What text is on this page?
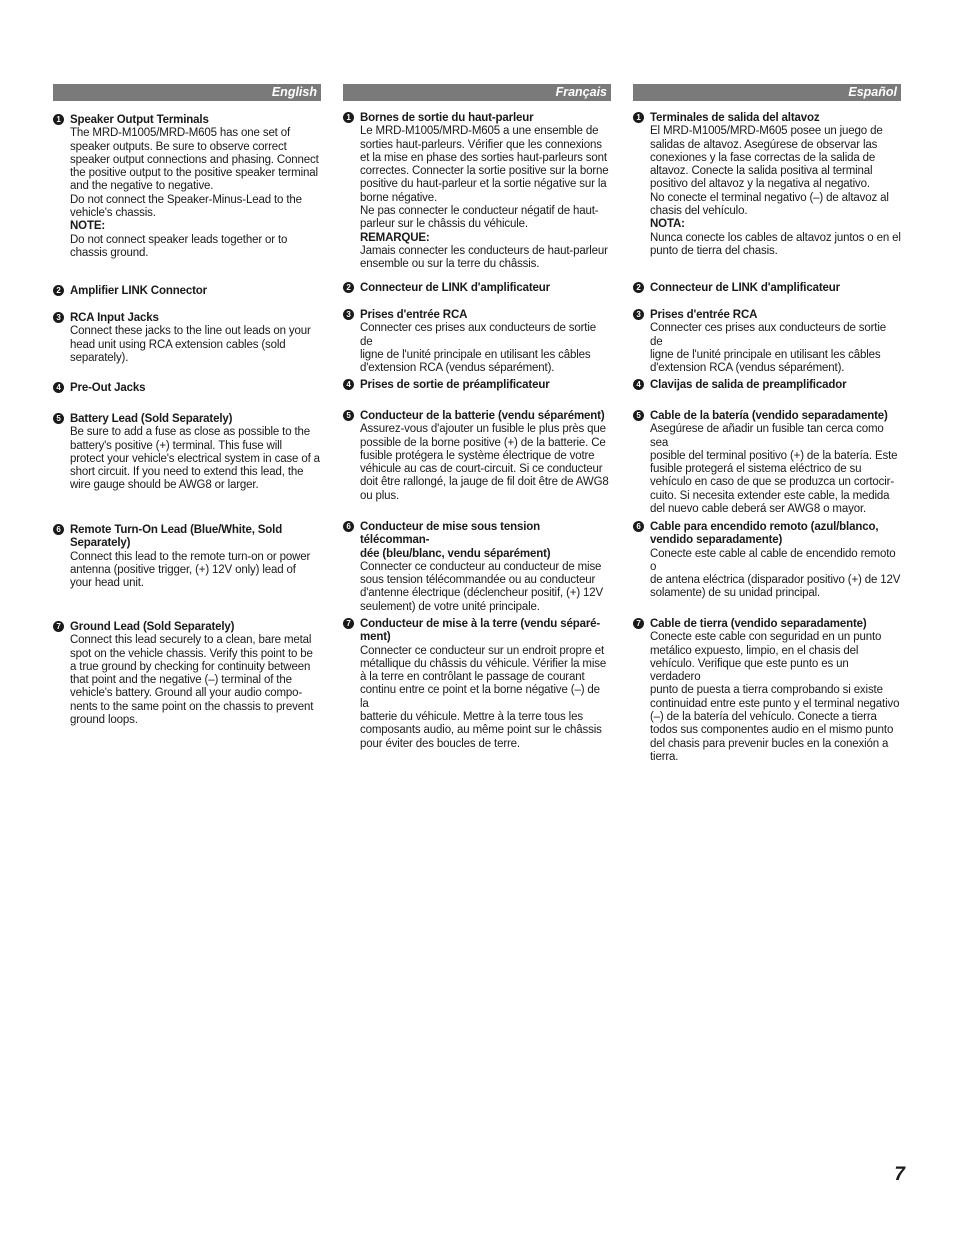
English
1 Speaker Output Terminals
The MRD-M1005/MRD-M605 has one set of
speaker outputs. Be sure to observe correct
speaker output connections and phasing. Connect
the positive output to the positive speaker terminal
and the negative to negative.
Do not connect the Speaker-Minus-Lead to the
vehicle's chassis.
NOTE:
Do not connect speaker leads together or to
chassis ground.
2 Amplifier LINK Connector
3 RCA Input Jacks
Connect these jacks to the line out leads on your
head unit using RCA extension cables (sold
separately).
4 Pre-Out Jacks
5 Battery Lead (Sold Separately)
Be sure to add a fuse as close as possible to the
battery's positive (+) terminal. This fuse will
protect your vehicle's electrical system in case of a
short circuit. If you need to extend this lead, the
wire gauge should be AWG8 or larger.
6 Remote Turn-On Lead (Blue/White, Sold
Separately)
Connect this lead to the remote turn-on or power
antenna (positive trigger, (+) 12V only) lead of
your head unit.
7 Ground Lead (Sold Separately)
Connect this lead securely to a clean, bare metal
spot on the vehicle chassis. Verify this point to be
a true ground by checking for continuity between
that point and the negative (–) terminal of the
vehicle's battery. Ground all your audio compo-
nents to the same point on the chassis to prevent
ground loops.
Français
1 Bornes de sortie du haut-parleur
Le MRD-M1005/MRD-M605 a une ensemble de
sorties haut-parleurs. Vérifier que les connexions
et la mise en phase des sorties haut-parleurs sont
correctes. Connecter la sortie positive sur la borne
positive du haut-parleur et la sortie négative sur la
borne négative.
Ne pas connecter le conducteur négatif de haut-
parleur sur le châssis du véhicule.
REMARQUE:
Jamais connecter les conducteurs de haut-parleur
ensemble ou sur la terre du châssis.
2 Connecteur de LINK d'amplificateur
3 Prises d'entrée RCA
Connecter ces prises aux conducteurs de sortie de
ligne de l'unité principale en utilisant les câbles
d'extension RCA (vendus séparément).
4 Prises de sortie de préamplificateur
5 Conducteur de la batterie (vendu séparément)
Assurez-vous d'ajouter un fusible le plus près que
possible de la borne positive (+) de la batterie. Ce
fusible protégera le système électrique de votre
véhicule au cas de court-circuit. Si ce conducteur
doit être rallongé, la jauge de fil doit être de AWG8
ou plus.
6 Conducteur de mise sous tension télécomman-
dée (bleu/blanc, vendu séparément)
Connecter ce conducteur au conducteur de mise
sous tension télécommandée ou au conducteur
d'antenne électrique (déclencheur positif, (+) 12V
seulement) de votre unité principale.
7 Conducteur de mise à la terre (vendu séparé-
ment)
Connecter ce conducteur sur un endroit propre et
métallique du châssis du véhicule. Vérifier la mise
à la terre en contrôlant le passage de courant
continu entre ce point et la borne négative (–) de la
batterie du véhicule. Mettre à la terre tous les
composants audio, au même point sur le châssis
pour éviter des boucles de terre.
Español
1 Terminales de salida del altavoz
El MRD-M1005/MRD-M605 posee un juego de
salidas de altavoz. Asegúrese de observar las
conexiones y la fase correctas de la salida de
altavoz. Conecte la salida positiva al terminal
positivo del altavoz y la negativa al negativo.
No conecte el terminal negativo (–) de altavoz al
chasis del vehículo.
NOTA:
Nunca conecte los cables de altavoz juntos o en el
punto de tierra del chasis.
2 Connecteur de LINK d'amplificateur
3 Prises d'entrée RCA
Connecter ces prises aux conducteurs de sortie de
ligne de l'unité principale en utilisant les câbles
d'extension RCA (vendus séparément).
4 Clavijas de salida de preamplificador
5 Cable de la batería (vendido separadamente)
Asegúrese de añadir un fusible tan cerca como sea
posible del terminal positivo (+) de la batería. Este
fusible protegerá el sistema eléctrico de su
vehículo en caso de que se produzca un cortocir-
cuito. Si necesita extender este cable, la medida
del nuevo cable deberá ser AWG8 o mayor.
6 Cable para encendido remoto (azul/blanco,
vendido separadamente)
Conecte este cable al cable de encendido remoto o
de antena eléctrica (disparador positivo (+) de 12V
solamente) de su unidad principal.
7 Cable de tierra (vendido separadamente)
Conecte este cable con seguridad en un punto
metálico expuesto, limpio, en el chasis del
vehículo. Verifique que este punto es un verdadero
punto de puesta a tierra comprobando si existe
continuidad entre este punto y el terminal negativo
(–) de la batería del vehículo. Conecte a tierra
todos sus componentes audio en el mismo punto
del chasis para prevenir bucles en la conexión a
tierra.
7
